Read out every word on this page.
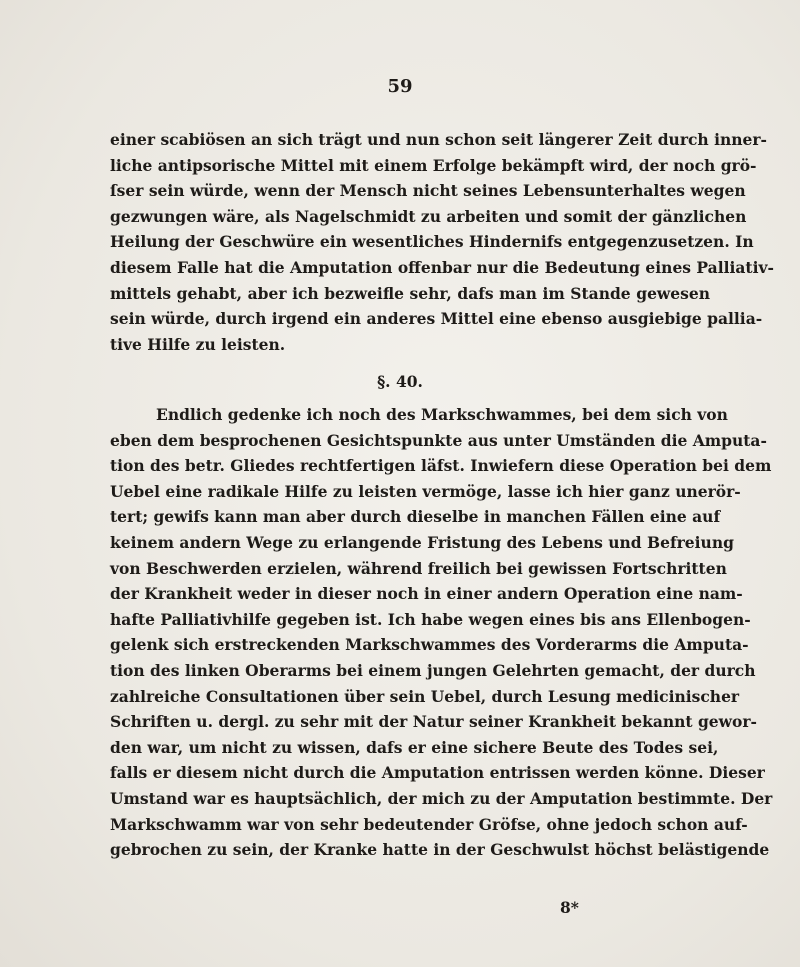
59
einer scabiösen an sich trägt und nun schon seit längerer Zeit durch inner-
liche antipsorische Mittel mit einem Erfolge bekämpft wird, der noch grö-
ſser sein würde, wenn der Mensch nicht seines Lebensunterhaltes wegen
gezwungen wäre, als Nagelschmidt zu arbeiten und somit der gänzlichen
Heilung der Geschwüre ein wesentliches Hindernifs entgegenzusetzen. In
diesem Falle hat die Amputation offenbar nur die Bedeutung eines Palliativ-
mittels gehabt, aber ich bezweifle sehr, dafs man im Stande gewesen
sein würde, durch irgend ein anderes Mittel eine ebenso ausgiebige pallia-
tive Hilfe zu leisten.
§. 40.
Endlich gedenke ich noch des Markschwammes, bei dem sich von
eben dem besprochenen Gesichtspunkte aus unter Umständen die Amputa-
tion des betr. Gliedes rechtfertigen läfst. Inwiefern diese Operation bei dem
Uebel eine radikale Hilfe zu leisten vermöge, lasse ich hier ganz unerör-
tert; gewifs kann man aber durch dieselbe in manchen Fällen eine auf
keinem andern Wege zu erlangende Fristung des Lebens und Befreiung
von Beschwerden erzielen, während freilich bei gewissen Fortschritten
der Krankheit weder in dieser noch in einer andern Operation eine nam-
hafte Palliativhilfe gegeben ist. Ich habe wegen eines bis ans Ellenbogen-
gelenk sich erstreckenden Markschwammes des Vorderarms die Amputa-
tion des linken Oberarms bei einem jungen Gelehrten gemacht, der durch
zahlreiche Consultationen über sein Uebel, durch Lesung medicinischer
Schriften u. dergl. zu sehr mit der Natur seiner Krankheit bekannt gewor-
den war, um nicht zu wissen, dafs er eine sichere Beute des Todes sei,
falls er diesem nicht durch die Amputation entrissen werden könne. Dieser
Umstand war es hauptsächlich, der mich zu der Amputation bestimmte. Der
Markschwamm war von sehr bedeutender Gröfse, ohne jedoch schon auf-
gebrochen zu sein, der Kranke hatte in der Geschwulst höchst belästigende
8*
